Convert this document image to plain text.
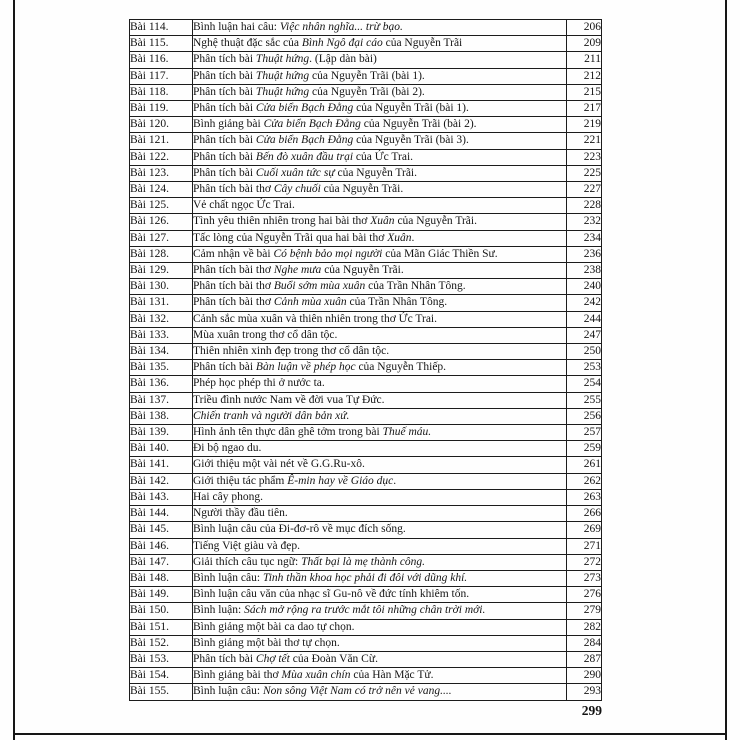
Bài 114.	Bình luận hai câu: Việc nhân nghĩa... trừ bạo.	206
Bài 115.	Nghệ thuật đặc sắc của Bình Ngô đại cáo của Nguyễn Trãi	209
Bài 116.	Phân tích bài Thuật hứng. (Lập dàn bài)	211
Bài 117.	Phân tích bài Thuật hứng của Nguyễn Trãi (bài 1).	212
Bài 118.	Phân tích bài Thuật hứng của Nguyễn Trãi (bài 2).	215
Bài 119.	Phân tích bài Cửa biển Bạch Đằng của Nguyễn Trãi (bài 1).	217
Bài 120.	Bình giảng bài Cửa biển Bạch Đằng của Nguyễn Trãi (bài 2).	219
Bài 121.	Phân tích bài Cửa biển Bạch Đằng của Nguyễn Trãi (bài 3).	221
Bài 122.	Phân tích bài Bến đò xuân đầu trại của Ức Trai.	223
Bài 123.	Phân tích bài Cuối xuân tức sự của Nguyễn Trãi.	225
Bài 124.	Phân tích bài thơ Cây chuối của Nguyễn Trãi.	227
Bài 125.	Vẻ chất ngọc Ức Trai.	228
Bài 126.	Tình yêu thiên nhiên trong hai bài thơ Xuân của Nguyễn Trãi.	232
Bài 127.	Tấc lòng của Nguyễn Trãi qua hai bài thơ Xuân.	234
Bài 128.	Cảm nhận về bài Có bệnh bảo mọi người của Mãn Giác Thiền Sư.	236
Bài 129.	Phân tích bài thơ Nghe mưa của Nguyễn Trãi.	238
Bài 130.	Phân tích bài thơ Buổi sớm mùa xuân của Trần Nhân Tông.	240
Bài 131.	Phân tích bài thơ Cảnh mùa xuân của Trần Nhân Tông.	242
Bài 132.	Cảnh sắc mùa xuân và thiên nhiên trong thơ Ức Trai.	244
Bài 133.	Mùa xuân trong thơ cổ dân tộc.	247
Bài 134.	Thiên nhiên xinh đẹp trong thơ cổ dân tộc.	250
Bài 135.	Phân tích bài Bàn luận về phép học của Nguyễn Thiếp.	253
Bài 136.	Phép học phép thi ở nước ta.	254
Bài 137.	Triều đình nước Nam về đời vua Tự Đức.	255
Bài 138.	Chiến tranh và người dân bản xứ.	256
Bài 139.	Hình ảnh tên thực dân ghê tởm trong bài Thuế máu.	257
Bài 140.	Đi bộ ngao du.	259
Bài 141.	Giới thiệu một vài nét về G.G.Ru-xô.	261
Bài 142.	Giới thiệu tác phẩm Ê-min hay về Giáo dục.	262
Bài 143.	Hai cây phong.	263
Bài 144.	Người thầy đầu tiên.	266
Bài 145.	Bình luận câu của Đi-đơ-rô về mục đích sống.	269
Bài 146.	Tiếng Việt giàu và đẹp.	271
Bài 147.	Giải thích câu tục ngữ: Thất bại là mẹ thành công.	272
Bài 148.	Bình luận câu: Tinh thần khoa học phải đi đôi với dũng khí.	273
Bài 149.	Bình luận câu văn của nhạc sĩ Gu-nô về đức tính khiêm tốn.	276
Bài 150.	Bình luận: Sách mở rộng ra trước mắt tôi những chân trời mới.	279
Bài 151.	Bình giảng một bài ca dao tự chọn.	282
Bài 152.	Bình giảng một bài thơ tự chọn.	284
Bài 153.	Phân tích bài Chợ tết của Đoàn Văn Cừ.	287
Bài 154.	Bình giảng bài thơ Mùa xuân chín của Hàn Mặc Tử.	290
Bài 155.	Bình luận câu: Non sông Việt Nam có trở nên vẻ vang....	293
299
